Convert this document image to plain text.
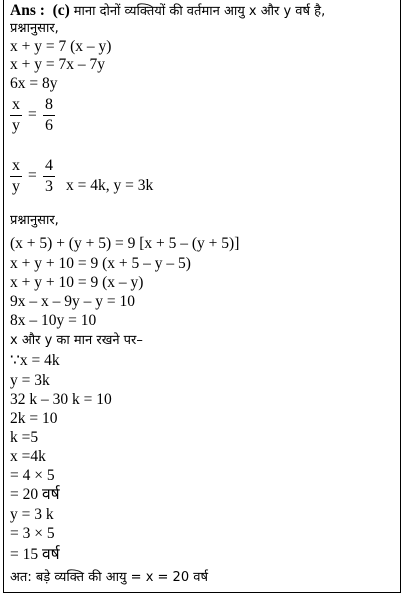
Ans : (c) माना दोनों व्यक्तियों की वर्तमान आयु x और y वर्ष है,
प्रश्नानुसार,
x + y = 7 (x – y)
x + y = 7x – 7y
6x = 8y
x
y
=
8
6
x
y
=
4
3 x = 4k, y = 3k
प्रश्नानुसार,
(x + 5) + (y + 5) = 9 [x + 5 – (y + 5)]
x + y + 10 = 9 (x + 5 – y – 5)
x + y + 10 = 9 (x – y)
9x – x – 9y – y = 10
8x – 10y = 10
x और y का मान रखने पर–
∵x = 4k
y = 3k
32 k – 30 k = 10
2k = 10
k =5
x =4k
= 4 × 5
= 20 वर्ष
y = 3 k
= 3 × 5
= 15 वर्ष
अत: बड़े व्यक्ति की आयु = x = 20 वर्ष
